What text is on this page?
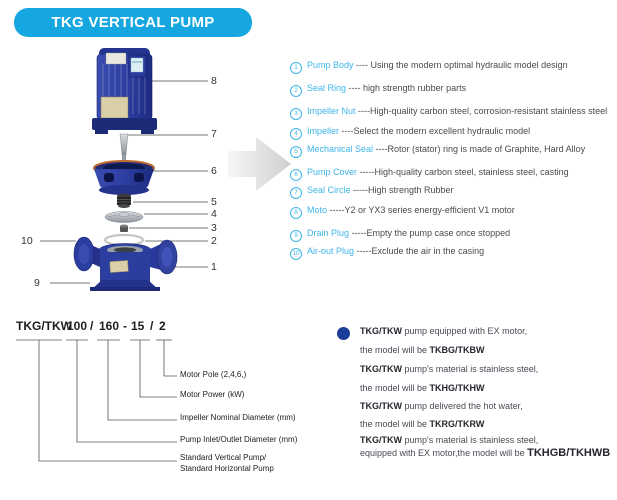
TKG VERTICAL PUMP
8
7
6
5
4
3
2
10
1
9
1 Pump Body ---- Using the modern optimal hydraulic model design
2 Seal Ring ---- high strength rubber parts
3 Impeller Nut ----High-quality carbon steel, corrosion-resistant stainless steel
4 Impeller ----Select the modern excellent hydraulic model
5 Mechanical Seal ----Rotor (stator) ring is made of Graphite, Hard Alloy
6 Pump Cover -----High-quality carbon steel, stainless steel, casting
7 Seal Circle -----High strength Rubber
8 Moto -----Y2 or YX3 series energy-efficient V1 motor
9 Drain Plug -----Empty the pump case once stopped
10 Air-out Plug -----Exclude the air in the casing
TKG/TKW
100 / 160 - 15 / 2
Motor Pole (2,4,6,)
Motor Power (kW)
Impeller Nominal Diameter (mm)
Pump Inlet/Outlet Diameter (mm)
Standard Vertical Pump/
Standard Horizontal Pump
TKG/TKW pump equipped with EX motor,
the model will be TKBG/TKBW
TKG/TKW pump's material is stainless steel,
the model will be TKHG/TKHW
TKG/TKW pump delivered the hot water,
the model will be TKRG/TKRW
TKG/TKW pump's material is stainless steel,
equipped with EX motor,the model will be TKHGB/TKHWB
